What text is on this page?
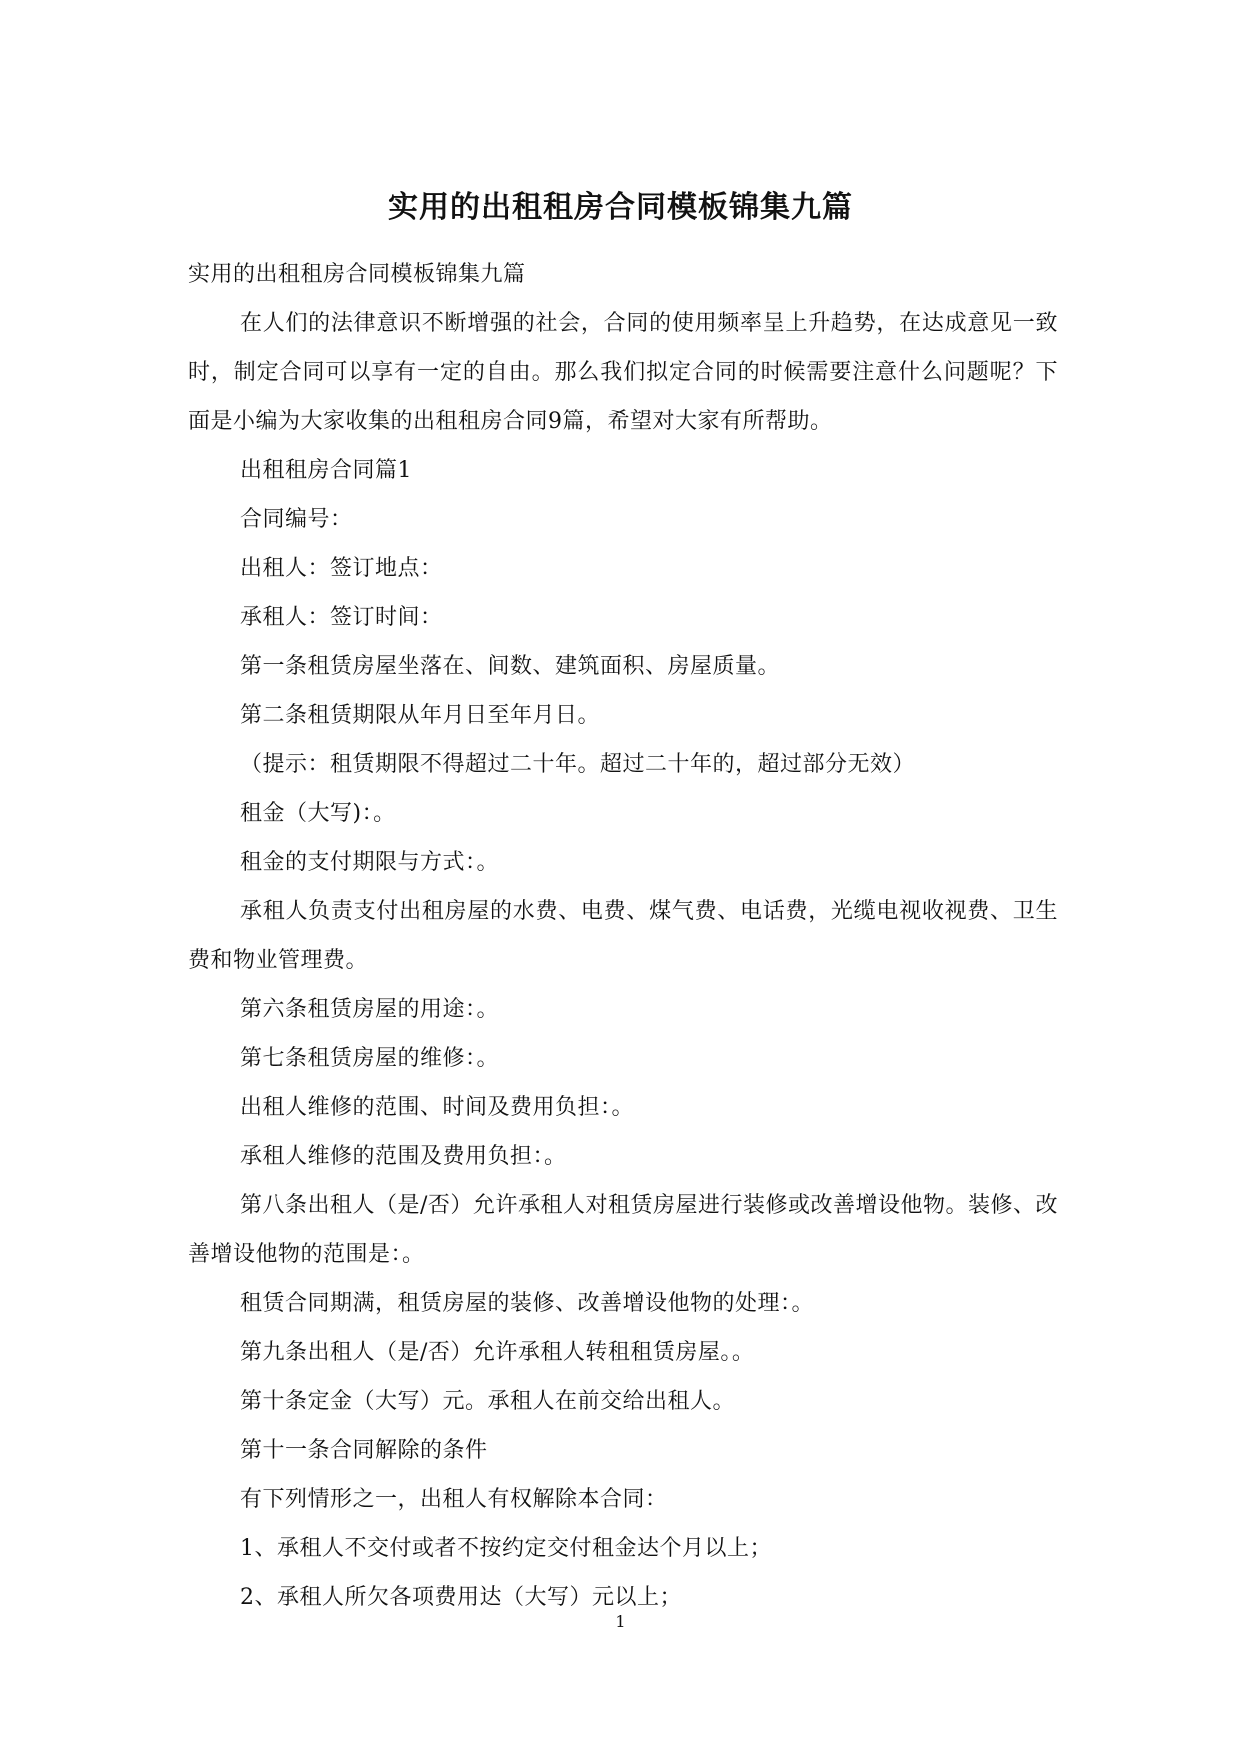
实用的出租租房合同模板锦集九篇

实用的出租租房合同模板锦集九篇

在人们的法律意识不断增强的社会，合同的使用频率呈上升趋势，在达成意见一致时，制定合同可以享有一定的自由。那么我们拟定合同的时候需要注意什么问题呢？下面是小编为大家收集的出租租房合同9篇，希望对大家有所帮助。

出租租房合同篇1

合同编号：

出租人：签订地点：

承租人：签订时间：

第一条租赁房屋坐落在、间数、建筑面积、房屋质量。

第二条租赁期限从年月日至年月日。

（提示：租赁期限不得超过二十年。超过二十年的，超过部分无效）

租金（大写)：。

租金的支付期限与方式：。

承租人负责支付出租房屋的水费、电费、煤气费、电话费，光缆电视收视费、卫生费和物业管理费。

第六条租赁房屋的用途：。

第七条租赁房屋的维修：。

出租人维修的范围、时间及费用负担：。

承租人维修的范围及费用负担：。

第八条出租人（是/否）允许承租人对租赁房屋进行装修或改善增设他物。装修、改善增设他物的范围是：。

租赁合同期满，租赁房屋的装修、改善增设他物的处理：。

第九条出租人（是/否）允许承租人转租租赁房屋。。

第十条定金（大写）元。承租人在前交给出租人。

第十一条合同解除的条件

有下列情形之一，出租人有权解除本合同：

1、承租人不交付或者不按约定交付租金达个月以上；

2、承租人所欠各项费用达（大写）元以上；

1
